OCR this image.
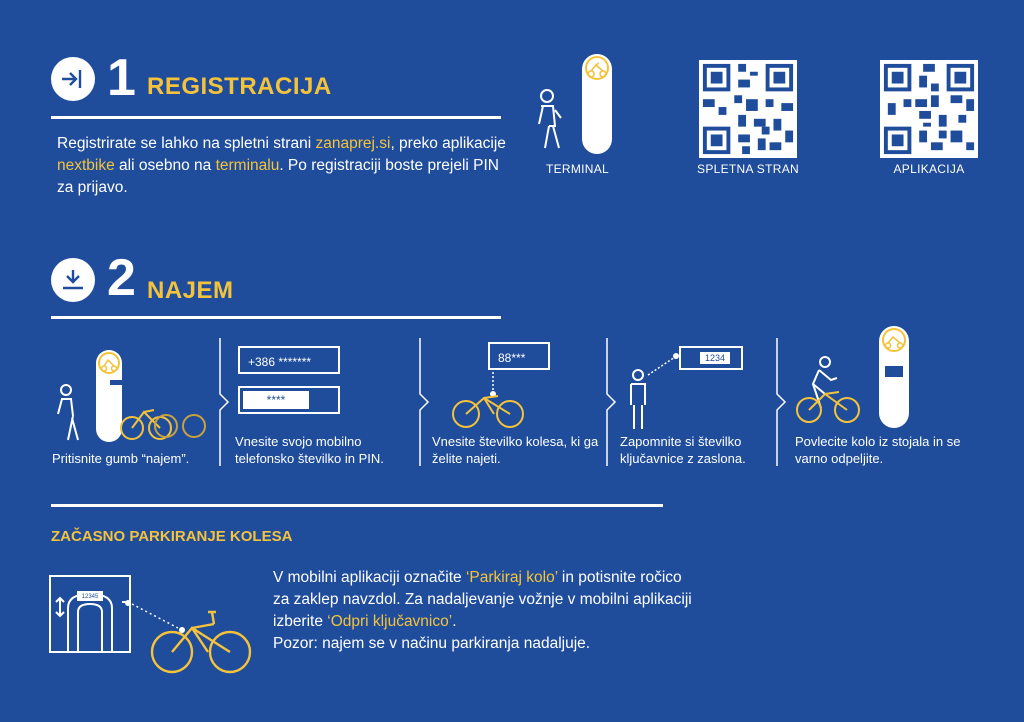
1 REGISTRACIJA
Registrirate se lahko na spletni strani zanaprej.si, preko aplikacije nextbike ali osebno na terminalu. Po registraciji boste prejeli PIN za prijavo.
TERMINAL	SPLETNA STRAN	APLIKACIJA
2 NAJEM
Pritisnite gumb “najem”.
+386 *******
****
Vnesite svojo mobilno telefonsko številko in PIN.
88***
Vnesite številko kolesa, ki ga želite najeti.
1234
Zapomnite si številko ključavnice z zaslona.
Povlecite kolo iz stojala in se varno odpeljite.
ZAČASNO PARKIRANJE KOLESA
12345
V mobilni aplikaciji označite ‘Parkiraj kolo’ in potisnite ročico za zaklep navzdol. Za nadaljevanje vožnje v mobilni aplikaciji izberite ‘Odpri ključavnico’.
Pozor: najem se v načinu parkiranja nadaljuje.
